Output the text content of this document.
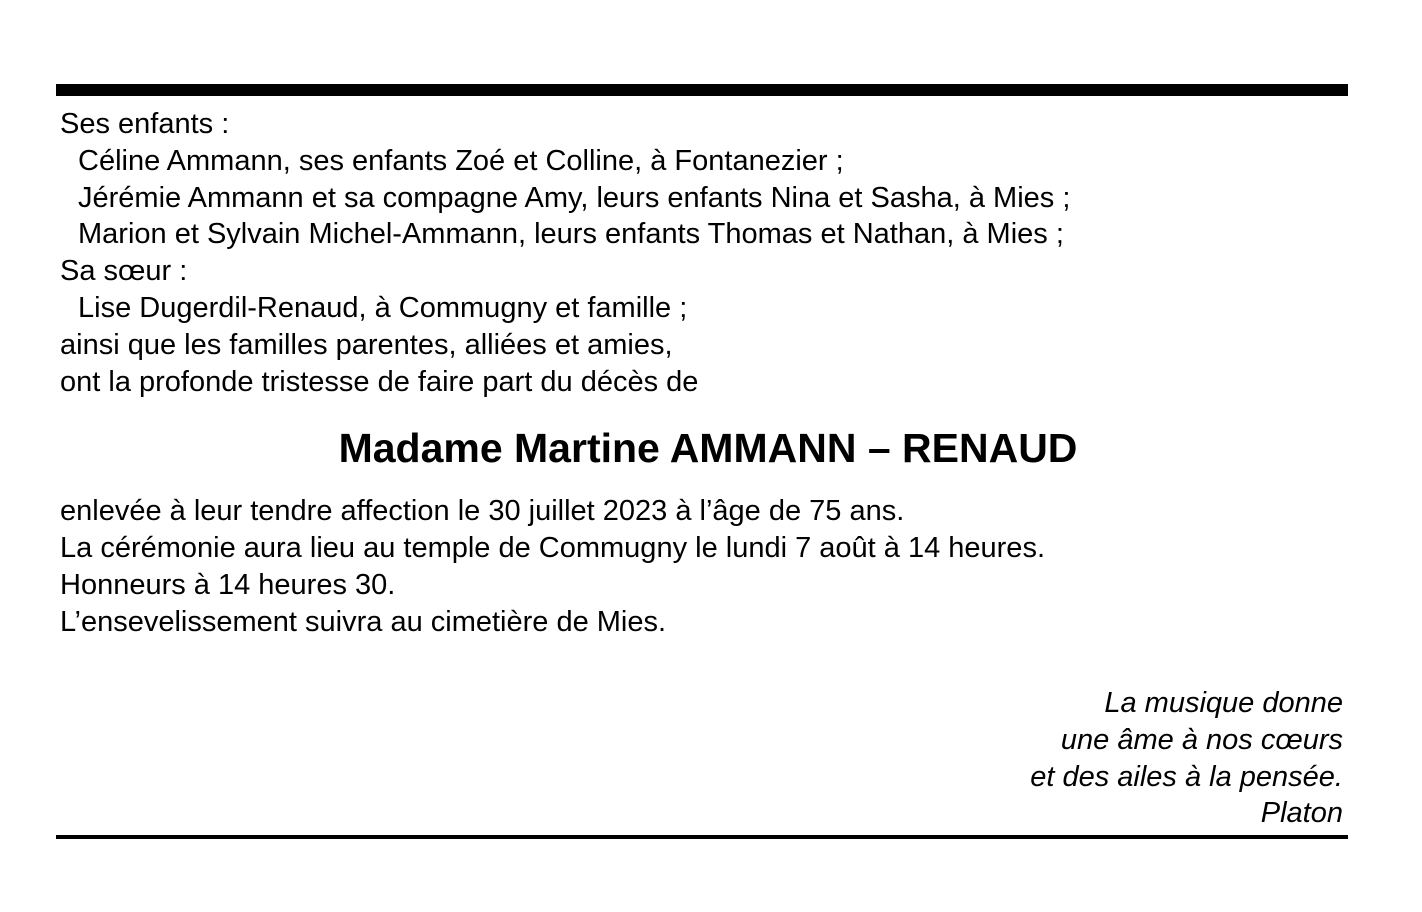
Ses enfants :
Céline Ammann, ses enfants Zoé et Colline, à Fontanezier ;
Jérémie Ammann et sa compagne Amy, leurs enfants Nina et Sasha, à Mies ;
Marion et Sylvain Michel-Ammann, leurs enfants Thomas et Nathan, à Mies ;
Sa sœur :
Lise Dugerdil-Renaud, à Commugny et famille ;
ainsi que les familles parentes, alliées et amies,
ont la profonde tristesse de faire part du décès de
Madame Martine AMMANN – RENAUD
enlevée à leur tendre affection le 30 juillet 2023 à l’âge de 75 ans.
La cérémonie aura lieu au temple de Commugny le lundi 7 août à 14 heures.
Honneurs à 14 heures 30.
L’ensevelissement suivra au cimetière de Mies.
La musique donne
une âme à nos cœurs
et des ailes à la pensée.
Platon
